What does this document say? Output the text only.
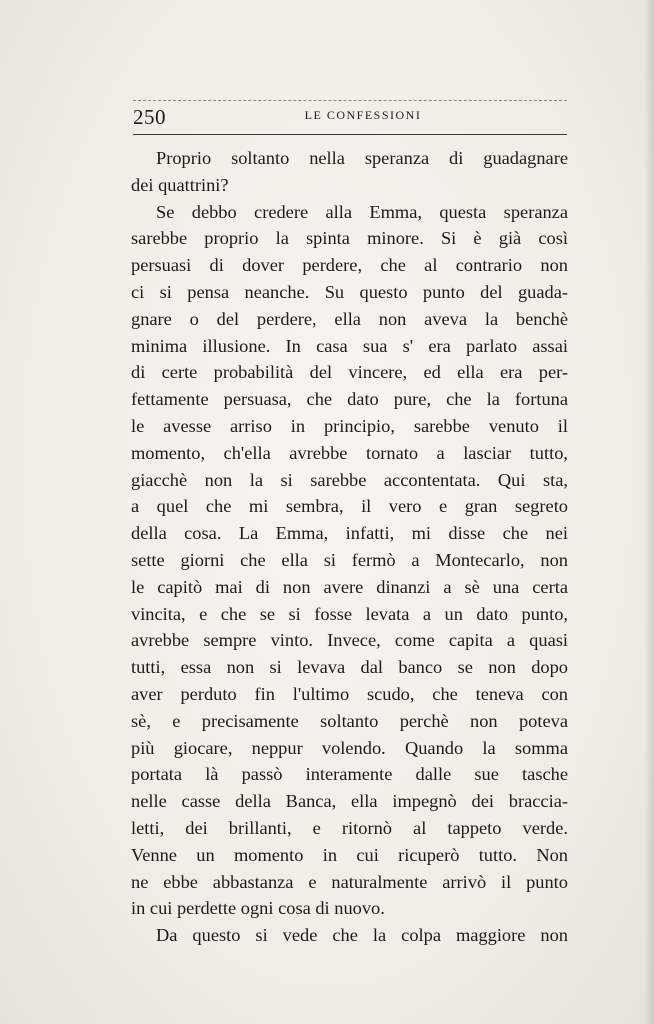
250	LE CONFESSIONI
Proprio soltanto nella speranza di guadagnare
dei quattrini?
Se debbo credere alla Emma, questa speranza
sarebbe proprio la spinta minore. Si è già così
persuasi di dover perdere, che al contrario non
ci si pensa neanche. Su questo punto del guada-
gnare o del perdere, ella non aveva la benchè
minima illusione. In casa sua s' era parlato assai
di certe probabilità del vincere, ed ella era per-
fettamente persuasa, che dato pure, che la fortuna
le avesse arriso in principio, sarebbe venuto il
momento, ch'ella avrebbe tornato a lasciar tutto,
giacchè non la si sarebbe accontentata. Qui sta,
a quel che mi sembra, il vero e gran segreto
della cosa. La Emma, infatti, mi disse che nei
sette giorni che ella si fermò a Montecarlo, non
le capitò mai di non avere dinanzi a sè una certa
vincita, e che se si fosse levata a un dato punto,
avrebbe sempre vinto. Invece, come capita a quasi
tutti, essa non si levava dal banco se non dopo
aver perduto fin l'ultimo scudo, che teneva con
sè, e precisamente soltanto perchè non poteva
più giocare, neppur volendo. Quando la somma
portata là passò interamente dalle sue tasche
nelle casse della Banca, ella impegnò dei braccia-
letti, dei brillanti, e ritornò al tappeto verde.
Venne un momento in cui ricuperò tutto. Non
ne ebbe abbastanza e naturalmente arrivò il punto
in cui perdette ogni cosa di nuovo.
Da questo si vede che la colpa maggiore non
